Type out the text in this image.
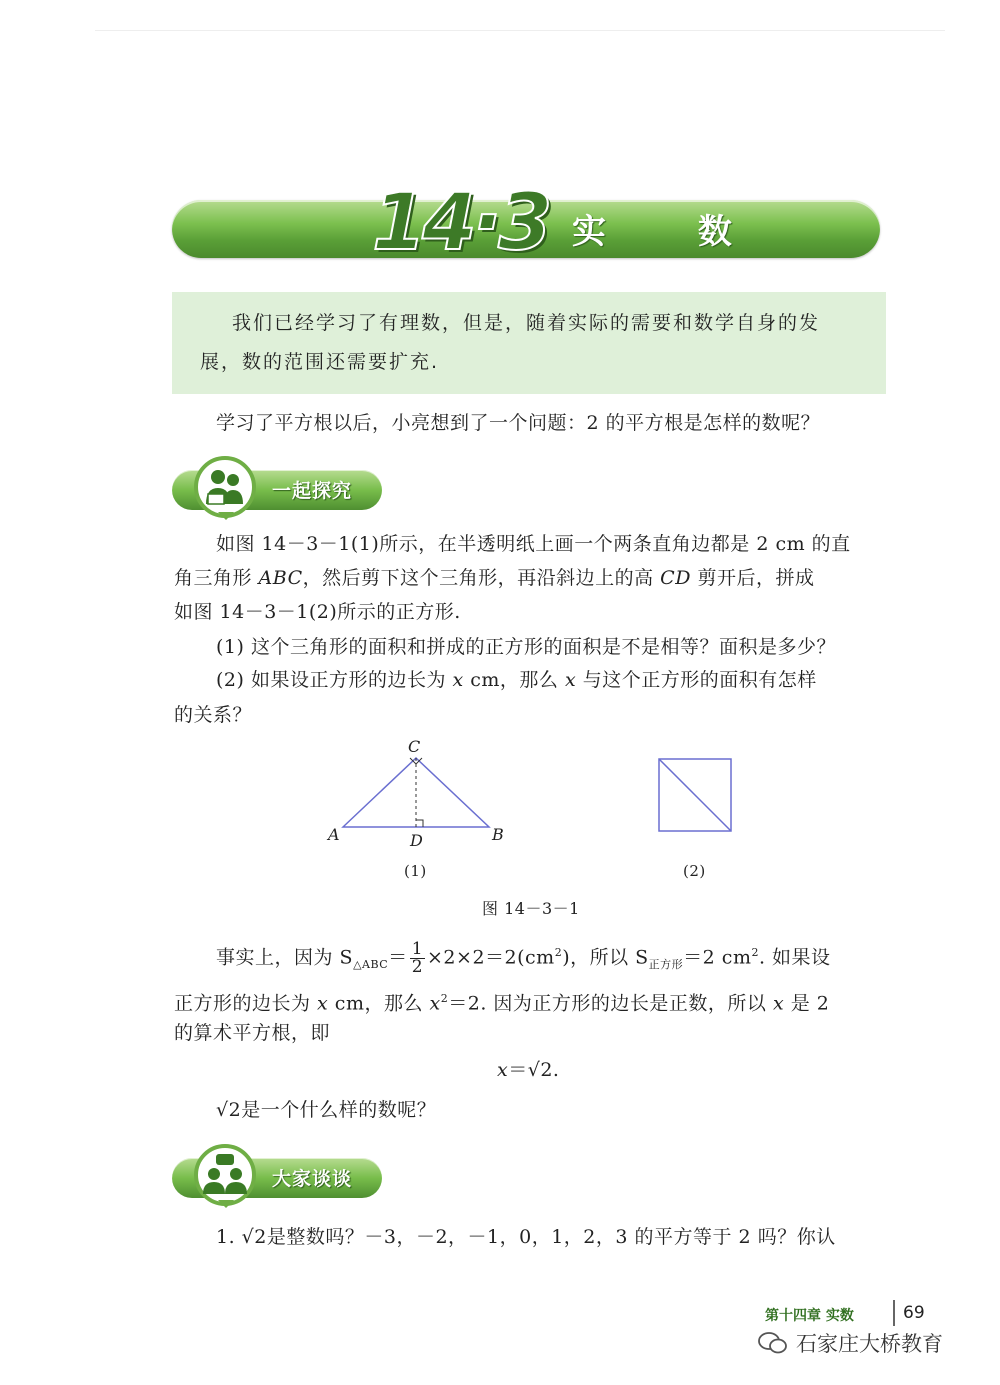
14·3 实 数

我们已经学习了有理数，但是，随着实际的需要和数学自身的发

展，数的范围还需要扩充.

学习了平方根以后，小亮想到了一个问题：2 的平方根是怎样的数呢？
一起探究
如图 14－3－1(1)所示，在半透明纸上画一个两条直角边都是 2 cm 的直
角三角形 ABC，然后剪下这个三角形，再沿斜边上的高 CD 剪开后，拼成
如图 14－3－1(2)所示的正方形.
(1) 这个三角形的面积和拼成的正方形的面积是不是相等？面积是多少？
(2) 如果设正方形的边长为 x cm，那么 x 与这个正方形的面积有怎样
的关系？
C
A	D	B
(1)	(2)
图 14－3－1
事实上，因为 $S_{\triangle ABC}= \frac{1}{2} \times 2\times 2=2(cm^2)$，所以 $S_{正方形}=2$ $cm^2$. 如果设
正方形的边长为 x cm，那么 $x^2=2$. 因为正方形的边长是正数，所以 x 是 2
的算术平方根，即
x＝√2.
√2是一个什么样的数呢？
大家谈谈
1. √2是整数吗？－3，－2，－1，0，1，2，3 的平方等于 2 吗？你认
第十四章 实数	69
石家庄大桥教育
